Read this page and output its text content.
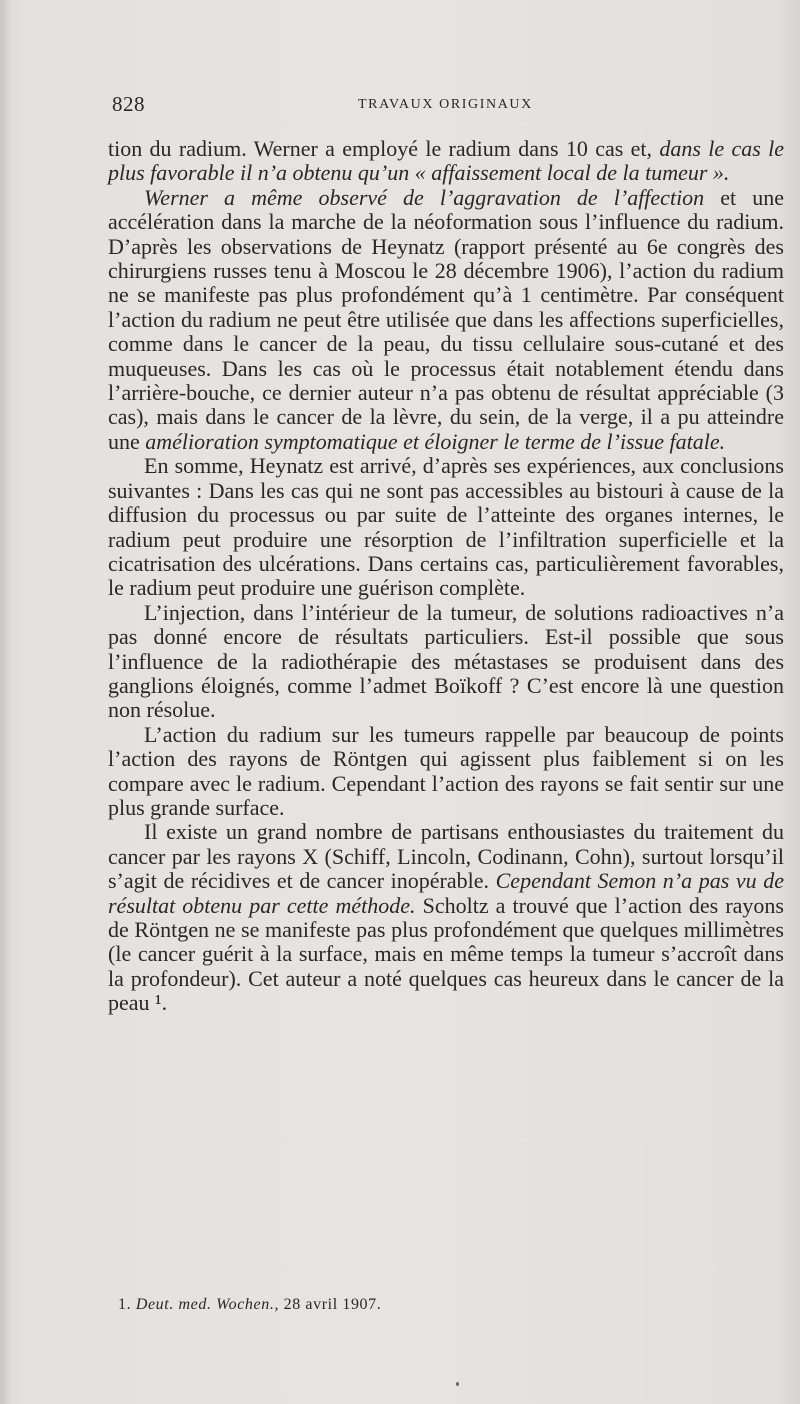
828	TRAVAUX ORIGINAUX

tion du radium. Werner a employé le radium dans 10 cas et, dans le cas le plus favorable il n’a obtenu qu’un « affaissement local de la tumeur ».

Werner a même observé de l’aggravation de l’affection et une accélération dans la marche de la néoformation sous l’influence du radium. D’après les observations de Heynatz (rapport présenté au 6e congrès des chirurgiens russes tenu à Moscou le 28 décembre 1906), l’action du radium ne se manifeste pas plus profondément qu’à 1 centimètre. Par conséquent l’action du radium ne peut être utilisée que dans les affections superficielles, comme dans le cancer de la peau, du tissu cellulaire sous-cutané et des muqueuses. Dans les cas où le processus était notablement étendu dans l’arrière-bouche, ce dernier auteur n’a pas obtenu de résultat appréciable (3 cas), mais dans le cancer de la lèvre, du sein, de la verge, il a pu atteindre une amélioration symptomatique et éloigner le terme de l’issue fatale.

En somme, Heynatz est arrivé, d’après ses expériences, aux conclusions suivantes : Dans les cas qui ne sont pas accessibles au bistouri à cause de la diffusion du processus ou par suite de l’atteinte des organes internes, le radium peut produire une résorption de l’infiltration superficielle et la cicatrisation des ulcérations. Dans certains cas, particulièrement favorables, le radium peut produire une guérison complète.

L’injection, dans l’intérieur de la tumeur, de solutions radioactives n’a pas donné encore de résultats particuliers. Est-il possible que sous l’influence de la radiothérapie des métastases se produisent dans des ganglions éloignés, comme l’admet Boïkoff ? C’est encore là une question non résolue.

L’action du radium sur les tumeurs rappelle par beaucoup de points l’action des rayons de Röntgen qui agissent plus faiblement si on les compare avec le radium. Cependant l’action des rayons se fait sentir sur une plus grande surface.

Il existe un grand nombre de partisans enthousiastes du traitement du cancer par les rayons X (Schiff, Lincoln, Codinann, Cohn), surtout lorsqu’il s’agit de récidives et de cancer inopérable. Cependant Semon n’a pas vu de résultat obtenu par cette méthode. Scholtz a trouvé que l’action des rayons de Röntgen ne se manifeste pas plus profondément que quelques millimètres (le cancer guérit à la surface, mais en même temps la tumeur s’accroît dans la profondeur). Cet auteur a noté quelques cas heureux dans le cancer de la peau ¹.

1. Deut. med. Wochen., 28 avril 1907.
